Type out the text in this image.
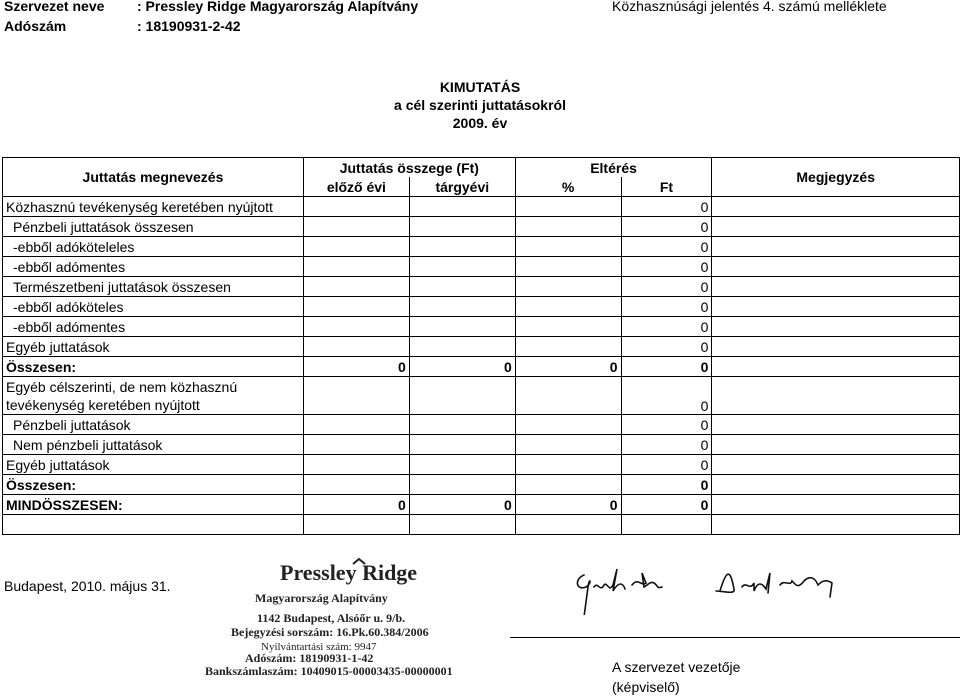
Szervezet neve : Pressley Ridge Magyarország Alapítvány
Adószám	: 18190931-2-42
Közhasznúsági jelentés 4. számú melléklete
KIMUTATÁS
a cél szerinti juttatásokról
2009. év
Juttatás megnevezés	Juttatás összege (Ft)		Eltérés		Megjegyzés
	előző évi	tárgyévi	%	Ft	
Közhasznú tevékenység keretében nyújtott				0	
Pénzbeli juttatások összesen				0	
-ebből adóköteleles				0	
-ebből adómentes				0	
Természetbeni juttatások összesen				0	
-ebből adóköteles				0	
-ebből adómentes				0	
Egyéb juttatások				0	
Összesen:	0	0	0	0	

Egyéb célszerinti, de nem közhasznú
tevékenység keretében nyújtott				0	
Pénzbeli juttatások				0	
Nem pénzbeli juttatások				0	
Egyéb juttatások				0	
Összesen:				0	
MINDÖSSZESEN:	0	0	0	0	

Budapest, 2010. május 31.
Pressley Ridge
Magyarország Alapítvány
1142 Budapest, Alsóőr u. 9/b.
Bejegyzési sorszám: 16.Pk.60.384/2006
Nyilvántartási szám: 9947
Adószám: 18190931-1-42
Bankszámlaszám: 10409015-00003435-00000001	A szervezet vezetője
(képviselő)
